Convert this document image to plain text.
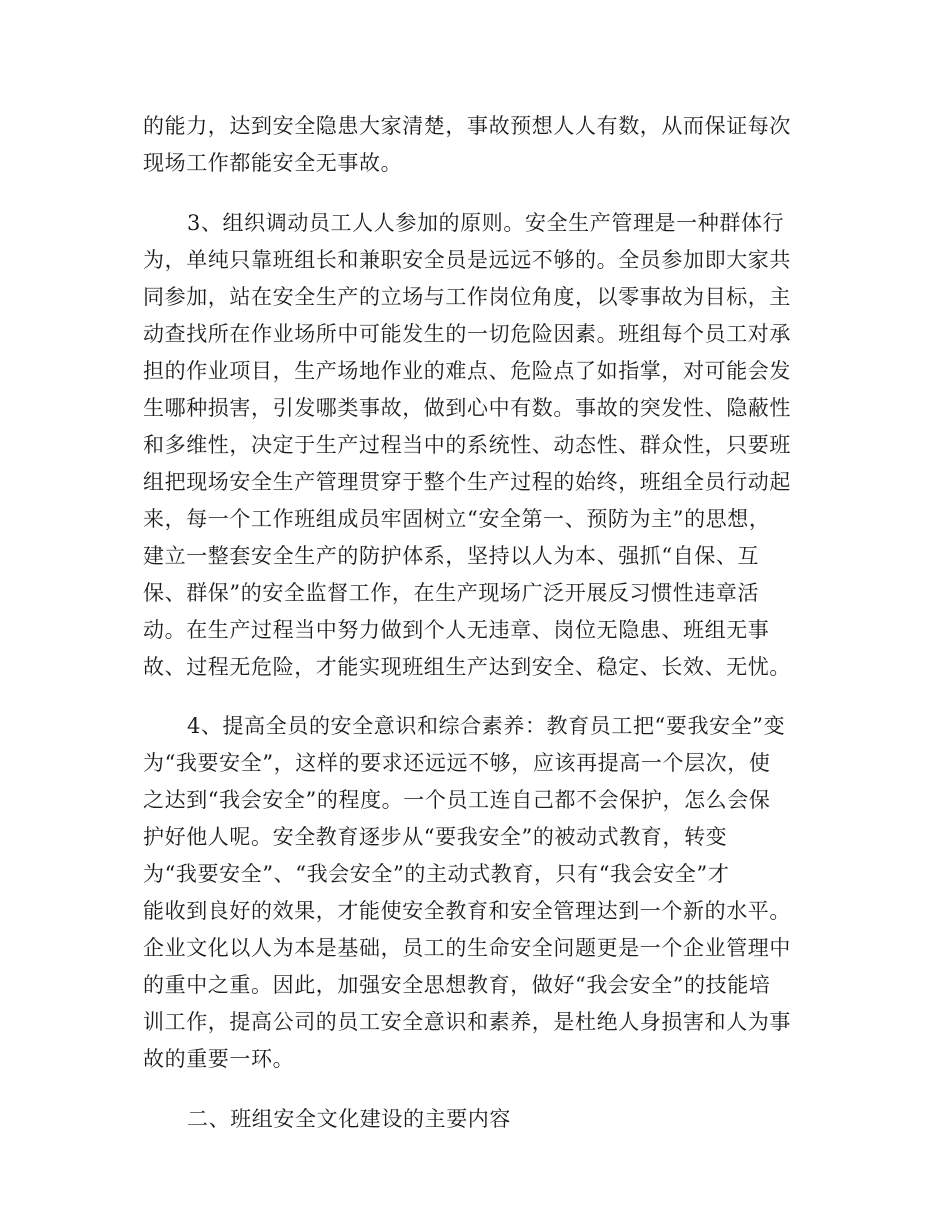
的能力，达到安全隐患大家清楚，事故预想人人有数，从而保证每次
现场工作都能安全无事故。
3、组织调动员工人人参加的原则。安全生产管理是一种群体行
为，单纯只靠班组长和兼职安全员是远远不够的。全员参加即大家共
同参加，站在安全生产的立场与工作岗位角度，以零事故为目标，主
动查找所在作业场所中可能发生的一切危险因素。班组每个员工对承
担的作业项目，生产场地作业的难点、危险点了如指掌，对可能会发
生哪种损害，引发哪类事故，做到心中有数。事故的突发性、隐蔽性
和多维性，决定于生产过程当中的系统性、动态性、群众性，只要班
组把现场安全生产管理贯穿于整个生产过程的始终，班组全员行动起
来，每一个工作班组成员牢固树立“安全第一、预防为主”的思想，
建立一整套安全生产的防护体系，坚持以人为本、强抓“自保、互
保、群保”的安全监督工作，在生产现场广泛开展反习惯性违章活
动。在生产过程当中努力做到个人无违章、岗位无隐患、班组无事
故、过程无危险，才能实现班组生产达到安全、稳定、长效、无忧。
4、提高全员的安全意识和综合素养：教育员工把“要我安全”变
为“我要安全”，这样的要求还远远不够，应该再提高一个层次，使
之达到“我会安全”的程度。一个员工连自己都不会保护，怎么会保
护好他人呢。安全教育逐步从“要我安全”的被动式教育，转变
为“我要安全”、“我会安全”的主动式教育，只有“我会安全”才
能收到良好的效果，才能使安全教育和安全管理达到一个新的水平。
企业文化以人为本是基础，员工的生命安全问题更是一个企业管理中
的重中之重。因此，加强安全思想教育，做好“我会安全”的技能培
训工作，提高公司的员工安全意识和素养，是杜绝人身损害和人为事
故的重要一环。
二、班组安全文化建设的主要内容
